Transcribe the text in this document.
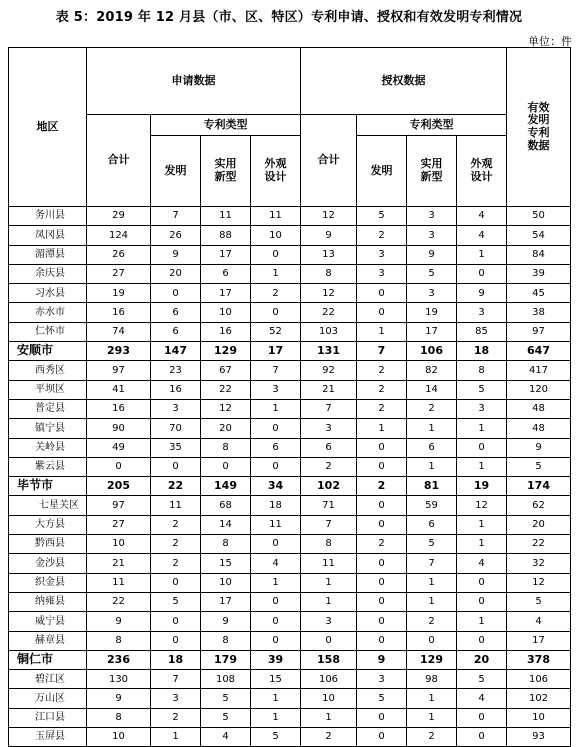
表 5：2019 年 12 月县（市、区、特区）专利申请、授权和有效发明专利情况
单位：件
地区	申请数据				授权数据				有效发明专利数据
	合计	专利类型			合计	专利类型			
		发明	实用新型	外观设计		发明	实用新型	外观设计	
务川县	29	7	11	11	12	5	3	4	50
凤冈县	124	26	88	10	9	2	3	4	54
湄潭县	26	9	17	0	13	3	9	1	84
余庆县	27	20	6	1	8	3	5	0	39
习水县	19	0	17	2	12	0	3	9	45
赤水市	16	6	10	0	22	0	19	3	38
仁怀市	74	6	16	52	103	1	17	85	97
安顺市	293	147	129	17	131	7	106	18	647
西秀区	97	23	67	7	92	2	82	8	417
平坝区	41	16	22	3	21	2	14	5	120
普定县	16	3	12	1	7	2	2	3	48
镇宁县	90	70	20	0	3	1	1	1	48
关岭县	49	35	8	6	6	0	6	0	9
紫云县	0	0	0	0	2	0	1	1	5
毕节市	205	22	149	34	102	2	81	19	174
七星关区	97	11	68	18	71	0	59	12	62
大方县	27	2	14	11	7	0	6	1	20
黔西县	10	2	8	0	8	2	5	1	22
金沙县	21	2	15	4	11	0	7	4	32
织金县	11	0	10	1	1	0	1	0	12
纳雍县	22	5	17	0	1	0	1	0	5
威宁县	9	0	9	0	3	0	2	1	4
赫章县	8	0	8	0	0	0	0	0	17
铜仁市	236	18	179	39	158	9	129	20	378
碧江区	130	7	108	15	106	3	98	5	106
万山区	9	3	5	1	10	5	1	4	102
江口县	8	2	5	1	1	0	1	0	10
玉屏县	10	1	4	5	2	0	2	0	93
